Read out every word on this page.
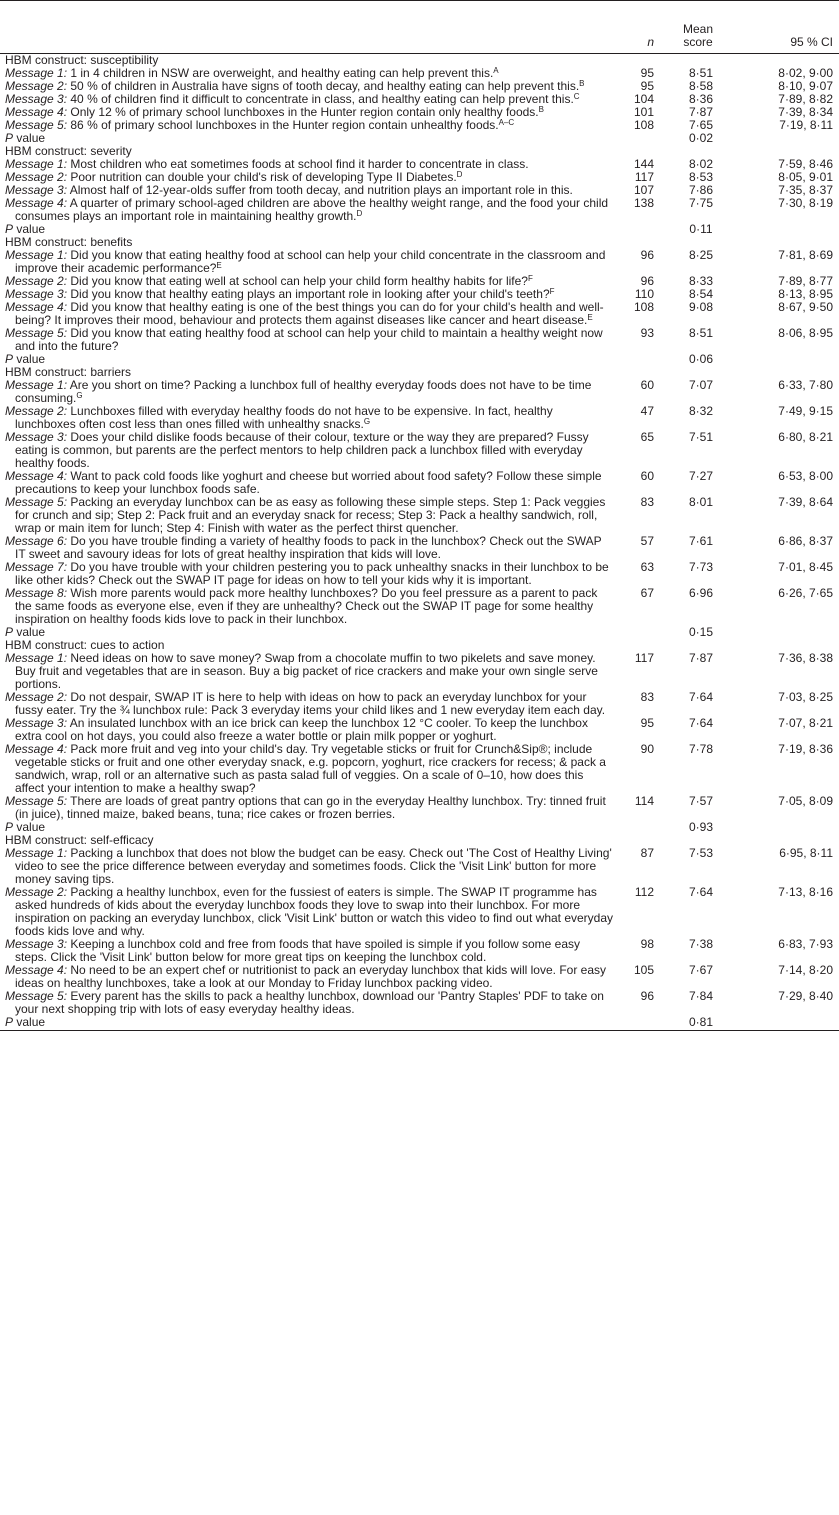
	n	Mean
score	95 % CI
HBM construct: susceptibility			
Message 1: 1 in 4 children in NSW are overweight, and healthy eating can help prevent this.$^A$	95	8·51	8·02, 9·00
Message 2: 50 % of children in Australia have signs of tooth decay, and healthy eating can help prevent this.$^B$	95	8·58	8·10, 9·07
Message 3: 40 % of children find it difficult to concentrate in class, and healthy eating can help prevent this.$^C$	104	8·36	7·89, 8·82
Message 4: Only 12 % of primary school lunchboxes in the Hunter region contain only healthy foods.$^B$	101	7·87	7·39, 8·34
Message 5: 86 % of primary school lunchboxes in the Hunter region contain unhealthy foods.$^{A-C}$	108	7·65	7·19, 8·11
P value		0·02	
HBM construct: severity			
Message 1: Most children who eat sometimes foods at school find it harder to concentrate in class.	144	8·02	7·59, 8·46
Message 2: Poor nutrition can double your child's risk of developing Type II Diabetes.$^D$	117	8·53	8·05, 9·01
Message 3: Almost half of 12-year-olds suffer from tooth decay, and nutrition plays an important role in this.	107	7·86	7·35, 8·37
Message 4: A quarter of primary school-aged children are above the healthy weight range, and the food your child consumes plays an important role in maintaining healthy growth.$^D$	138	7·75	7·30, 8·19
P value		0·11	
HBM construct: benefits			
Message 1: Did you know that eating healthy food at school can help your child concentrate in the classroom and improve their academic performance?$^E$	96	8·25	7·81, 8·69
Message 2: Did you know that eating well at school can help your child form healthy habits for life?$^F$	96	8·33	7·89, 8·77
Message 3: Did you know that healthy eating plays an important role in looking after your child's teeth?$^F$	110	8·54	8·13, 8·95
Message 4: Did you know that healthy eating is one of the best things you can do for your child's health and well-being? It improves their mood, behaviour and protects them against diseases like cancer and heart disease.$^E$	108	9·08	8·67, 9·50
Message 5: Did you know that eating healthy food at school can help your child to maintain a healthy weight now and into the future?	93	8·51	8·06, 8·95
P value		0·06	
HBM construct: barriers			
Message 1: Are you short on time? Packing a lunchbox full of healthy everyday foods does not have to be time consuming.$^G$	60	7·07	6·33, 7·80
Message 2: Lunchboxes filled with everyday healthy foods do not have to be expensive. In fact, healthy lunchboxes often cost less than ones filled with unhealthy snacks.$^G$	47	8·32	7·49, 9·15
Message 3: Does your child dislike foods because of their colour, texture or the way they are prepared? Fussy eating is common, but parents are the perfect mentors to help children pack a lunchbox filled with everyday healthy foods.	65	7·51	6·80, 8·21
Message 4: Want to pack cold foods like yoghurt and cheese but worried about food safety? Follow these simple precautions to keep your lunchbox foods safe.	60	7·27	6·53, 8·00
Message 5: Packing an everyday lunchbox can be as easy as following these simple steps. Step 1: Pack veggies for crunch and sip; Step 2: Pack fruit and an everyday snack for recess; Step 3: Pack a healthy sandwich, roll, wrap or main item for lunch; Step 4: Finish with water as the perfect thirst quencher.	83	8·01	7·39, 8·64
Message 6: Do you have trouble finding a variety of healthy foods to pack in the lunchbox? Check out the SWAP IT sweet and savoury ideas for lots of great healthy inspiration that kids will love.	57	7·61	6·86, 8·37
Message 7: Do you have trouble with your children pestering you to pack unhealthy snacks in their lunchbox to be like other kids? Check out the SWAP IT page for ideas on how to tell your kids why it is important.	63	7·73	7·01, 8·45
Message 8: Wish more parents would pack more healthy lunchboxes? Do you feel pressure as a parent to pack the same foods as everyone else, even if they are unhealthy? Check out the SWAP IT page for some healthy inspiration on healthy foods kids love to pack in their lunchbox.	67	6·96	6·26, 7·65
P value		0·15	
HBM construct: cues to action			
Message 1: Need ideas on how to save money? Swap from a chocolate muffin to two pikelets and save money. Buy fruit and vegetables that are in season. Buy a big packet of rice crackers and make your own single serve portions.	117	7·87	7·36, 8·38
Message 2: Do not despair, SWAP IT is here to help with ideas on how to pack an everyday lunchbox for your fussy eater. Try the ¾ lunchbox rule: Pack 3 everyday items your child likes and 1 new everyday item each day.	83	7·64	7·03, 8·25
Message 3: An insulated lunchbox with an ice brick can keep the lunchbox 12 °C cooler. To keep the lunchbox extra cool on hot days, you could also freeze a water bottle or plain milk popper or yoghurt.	95	7·64	7·07, 8·21
Message 4: Pack more fruit and veg into your child's day. Try vegetable sticks or fruit for Crunch&Sip®; include vegetable sticks or fruit and one other everyday snack, e.g. popcorn, yoghurt, rice crackers for recess; & pack a sandwich, wrap, roll or an alternative such as pasta salad full of veggies. On a scale of 0–10, how does this affect your intention to make a healthy swap?	90	7·78	7·19, 8·36
Message 5: There are loads of great pantry options that can go in the everyday Healthy lunchbox. Try: tinned fruit (in juice), tinned maize, baked beans, tuna; rice cakes or frozen berries.	114	7·57	7·05, 8·09
P value		0·93	
HBM construct: self-efficacy			
Message 1: Packing a lunchbox that does not blow the budget can be easy. Check out 'The Cost of Healthy Living' video to see the price difference between everyday and sometimes foods. Click the 'Visit Link' button for more money saving tips.	87	7·53	6·95, 8·11
Message 2: Packing a healthy lunchbox, even for the fussiest of eaters is simple. The SWAP IT programme has asked hundreds of kids about the everyday lunchbox foods they love to swap into their lunchbox. For more inspiration on packing an everyday lunchbox, click 'Visit Link' button or watch this video to find out what everyday foods kids love and why.	112	7·64	7·13, 8·16
Message 3: Keeping a lunchbox cold and free from foods that have spoiled is simple if you follow some easy steps. Click the 'Visit Link' button below for more great tips on keeping the lunchbox cold.	98	7·38	6·83, 7·93
Message 4: No need to be an expert chef or nutritionist to pack an everyday lunchbox that kids will love. For easy ideas on healthy lunchboxes, take a look at our Monday to Friday lunchbox packing video.	105	7·67	7·14, 8·20
Message 5: Every parent has the skills to pack a healthy lunchbox, download our 'Pantry Staples' PDF to take on your next shopping trip with lots of easy everyday healthy ideas.	96	7·84	7·29, 8·40
P value		0·81	
